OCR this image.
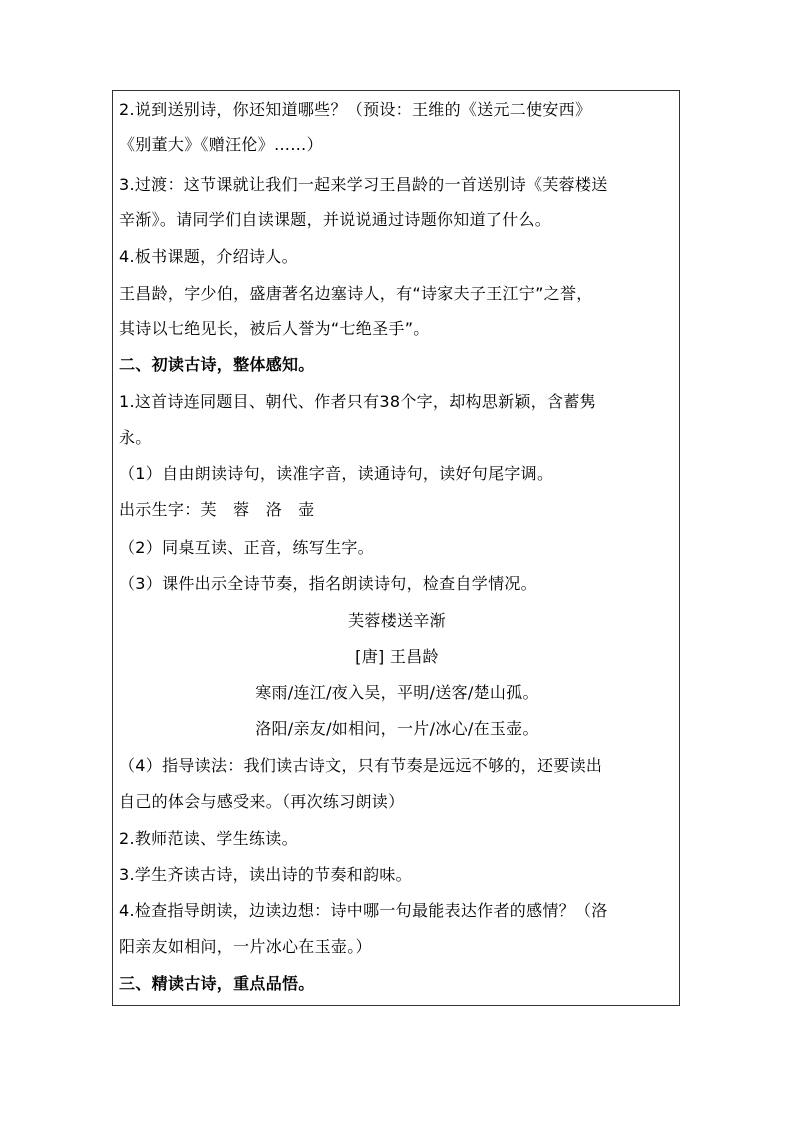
2.说到送别诗，你还知道哪些？（预设：王维的《送元二使安西》
《别董大》《赠汪伦》……）
3.过渡：这节课就让我们一起来学习王昌龄的一首送别诗《芙蓉楼送
辛渐》。请同学们自读课题，并说说通过诗题你知道了什么。
4.板书课题，介绍诗人。
王昌龄，字少伯，盛唐著名边塞诗人，有“诗家夫子王江宁”之誉，
其诗以七绝见长，被后人誉为“七绝圣手”。
二、初读古诗，整体感知。
1.这首诗连同题目、朝代、作者只有38个字，却构思新颖，含蓄隽
永。
（1）自由朗读诗句，读准字音，读通诗句，读好句尾字调。
出示生字：芙　蓉　洛　壶
（2）同桌互读、正音，练写生字。
（3）课件出示全诗节奏，指名朗读诗句，检查自学情况。
芙蓉楼送辛渐
[唐] 王昌龄
寒雨/连江/夜入吴，平明/送客/楚山孤。
洛阳/亲友/如相问，一片/冰心/在玉壶。
（4）指导读法：我们读古诗文，只有节奏是远远不够的，还要读出
自己的体会与感受来。（再次练习朗读）
2.教师范读、学生练读。
3.学生齐读古诗，读出诗的节奏和韵味。
4.检查指导朗读，边读边想：诗中哪一句最能表达作者的感情？（洛
阳亲友如相问，一片冰心在玉壶。）
三、精读古诗，重点品悟。
